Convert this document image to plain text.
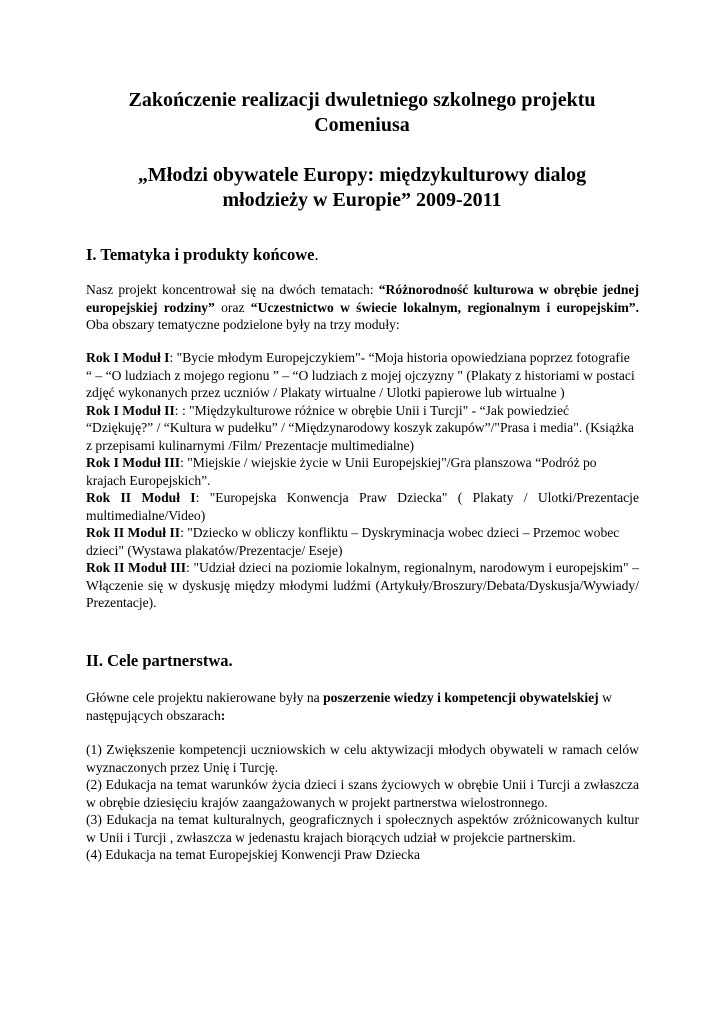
Zakończenie realizacji dwuletniego szkolnego projektu
Comeniusa
„Młodzi obywatele Europy: międzykulturowy dialog
młodzieży w Europie” 2009-2011
I. Tematyka i produkty końcowe.

Nasz projekt koncentrował się na dwóch tematach: “Różnorodność kulturowa w obrębie jednej europejskiej rodziny” oraz “Uczestnictwo w świecie lokalnym, regionalnym i europejskim”. Oba obszary tematyczne podzielone były na trzy moduły:

Rok I Moduł I: "Bycie młodym Europejczykiem"- “Moja historia opowiedziana poprzez fotografie “ – “O ludziach z mojego regionu ” – “O ludziach z mojej ojczyzny " (Plakaty z historiami w postaci zdjęć wykonanych przez uczniów / Plakaty wirtualne / Ulotki papierowe lub wirtualne )

Rok I Moduł II: : "Międzykulturowe różnice w obrębie Unii i Turcji" - “Jak powiedzieć “Dziękuję?” / “Kultura w pudełku” / “Międzynarodowy koszyk zakupów”/"Prasa i media". (Książka z przepisami kulinarnymi /Film/ Prezentacje multimedialne)

Rok I Moduł III: "Miejskie / wiejskie życie w Unii Europejskiej"/Gra planszowa “Podróż po krajach Europejskich”.

Rok II Moduł I: "Europejska Konwencja Praw Dziecka" ( Plakaty / Ulotki/Prezentacje multimedialne/Video)

Rok II Moduł II: "Dziecko w obliczy konfliktu – Dyskryminacja wobec dzieci – Przemoc wobec dzieci" (Wystawa plakatów/Prezentacje/ Eseje)

Rok II Moduł III: "Udział dzieci na poziomie lokalnym, regionalnym, narodowym i europejskim" – Włączenie się w dyskusję między młodymi ludźmi (Artykuły/Broszury/Debata/Dyskusja/Wywiady/ Prezentacje).

II. Cele partnerstwa.

Główne cele projektu nakierowane były na poszerzenie wiedzy i kompetencji obywatelskiej w następujących obszarach:

(1) Zwiększenie kompetencji uczniowskich w celu aktywizacji młodych obywateli w ramach celów wyznaczonych przez Unię i Turcję.

(2) Edukacja na temat warunków życia dzieci i szans życiowych w obrębie Unii i Turcji a zwłaszcza w obrębie dziesięciu krajów zaangażowanych w projekt partnerstwa wielostronnego.

(3) Edukacja na temat kulturalnych, geograficznych i społecznych aspektów zróżnicowanych kultur w Unii i Turcji , zwłaszcza w jedenastu krajach biorących udział w projekcie partnerskim.

(4) Edukacja na temat Europejskiej Konwencji Praw Dziecka
